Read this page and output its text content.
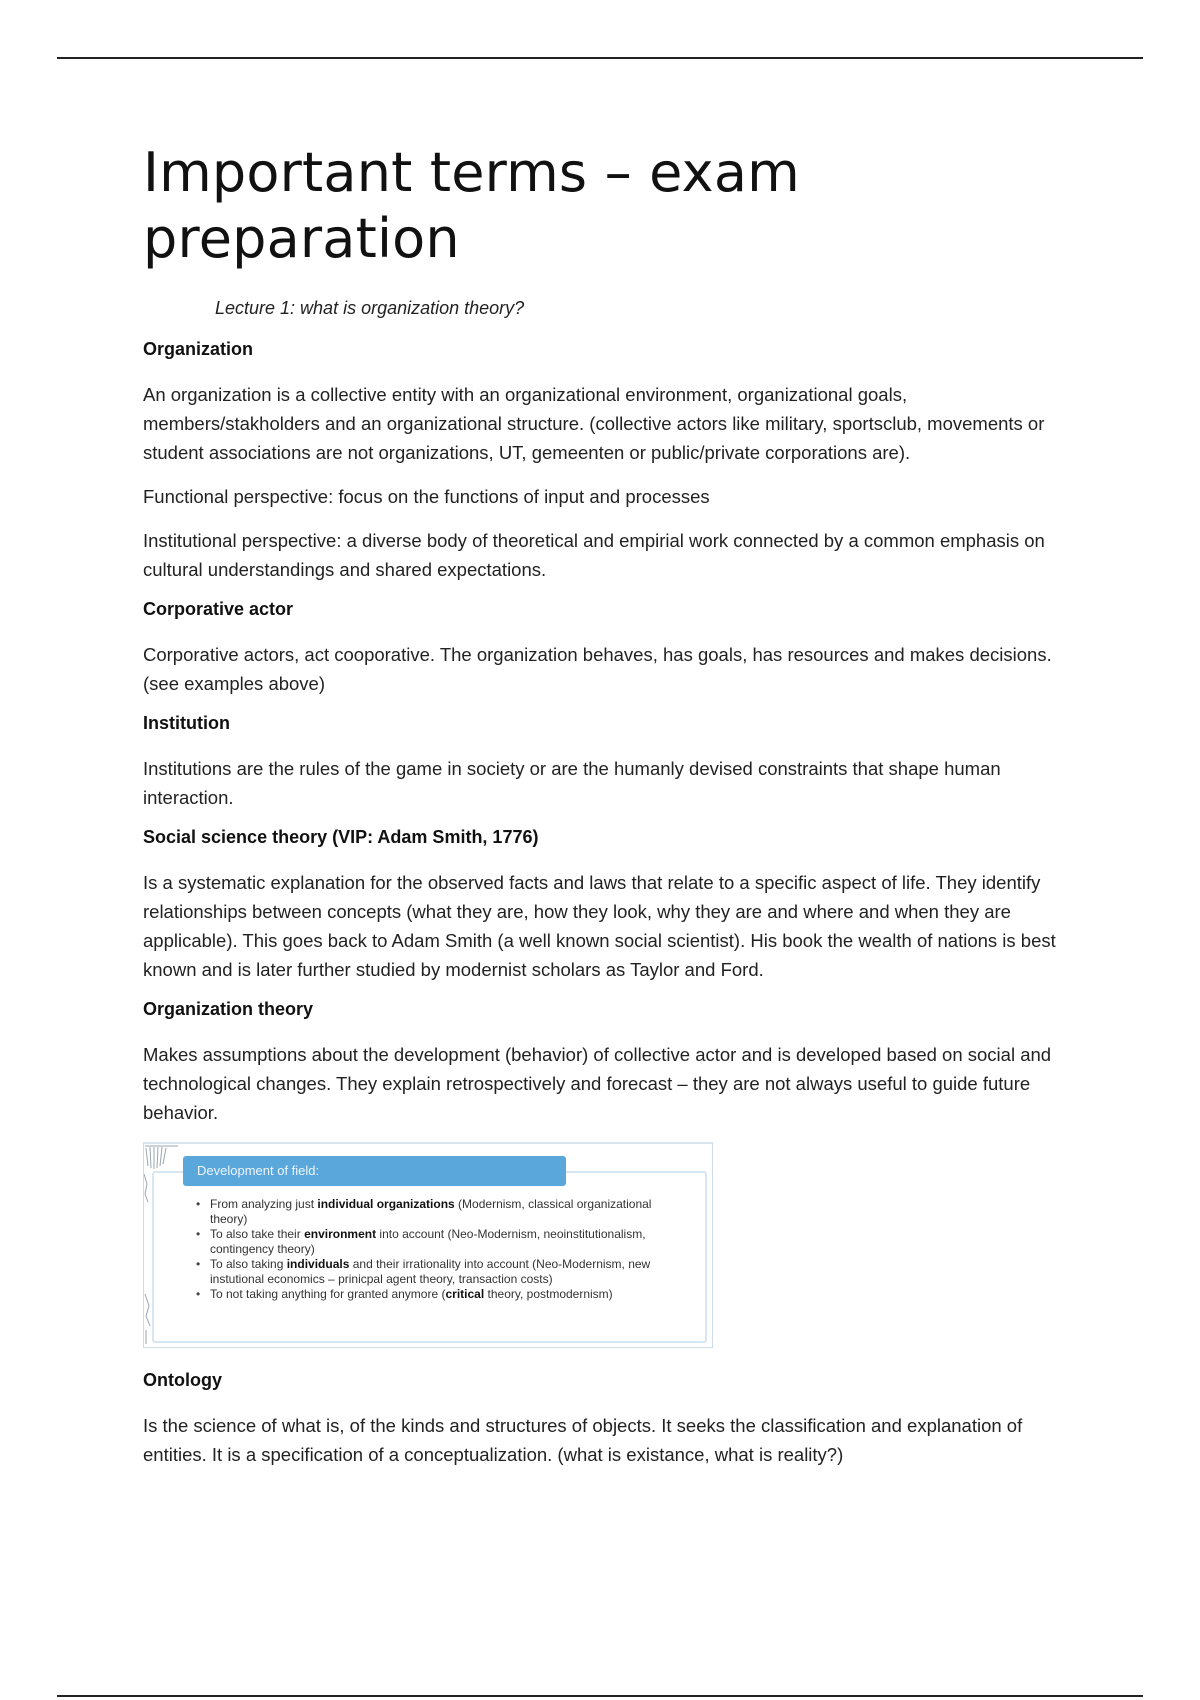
Important terms – exam preparation

Lecture 1: what is organization theory?

Organization

An organization is a collective entity with an organizational environment, organizational goals, members/stakholders and an organizational structure. (collective actors like military, sportsclub, movements or student associations are not organizations, UT, gemeenten or public/private corporations are).

Functional perspective: focus on the functions of input and processes

Institutional perspective: a diverse body of theoretical and empirial work connected by a common emphasis on cultural understandings and shared expectations.

Corporative actor

Corporative actors, act cooporative. The organization behaves, has goals, has resources and makes decisions. (see examples above)

Institution

Institutions are the rules of the game in society or are the humanly devised constraints that shape human interaction.

Social science theory (VIP: Adam Smith, 1776)

Is a systematic explanation for the observed facts and laws that relate to a specific aspect of life. They identify relationships between concepts (what they are, how they look, why they are and where and when they are applicable). This goes back to Adam Smith (a well known social scientist). His book the wealth of nations is best known and is later further studied by modernist scholars as Taylor and Ford.

Organization theory

Makes assumptions about the development (behavior) of collective actor and is developed based on social and technological changes. They explain retrospectively and forecast – they are not always useful to guide future behavior.

Development of field:
• From analyzing just individual organizations (Modernism, classical organizational theory)
• To also take their environment into account (Neo-Modernism, neoinstitutionalism, contingency theory)
• To also taking individuals and their irrationality into account (Neo-Modernism, new instutional economics – prinicpal agent theory, transaction costs)
• To not taking anything for granted anymore (critical theory, postmodernism)

Ontology

Is the science of what is, of the kinds and structures of objects. It seeks the classification and explanation of entities. It is a specification of a conceptualization. (what is existance, what is reality?)
